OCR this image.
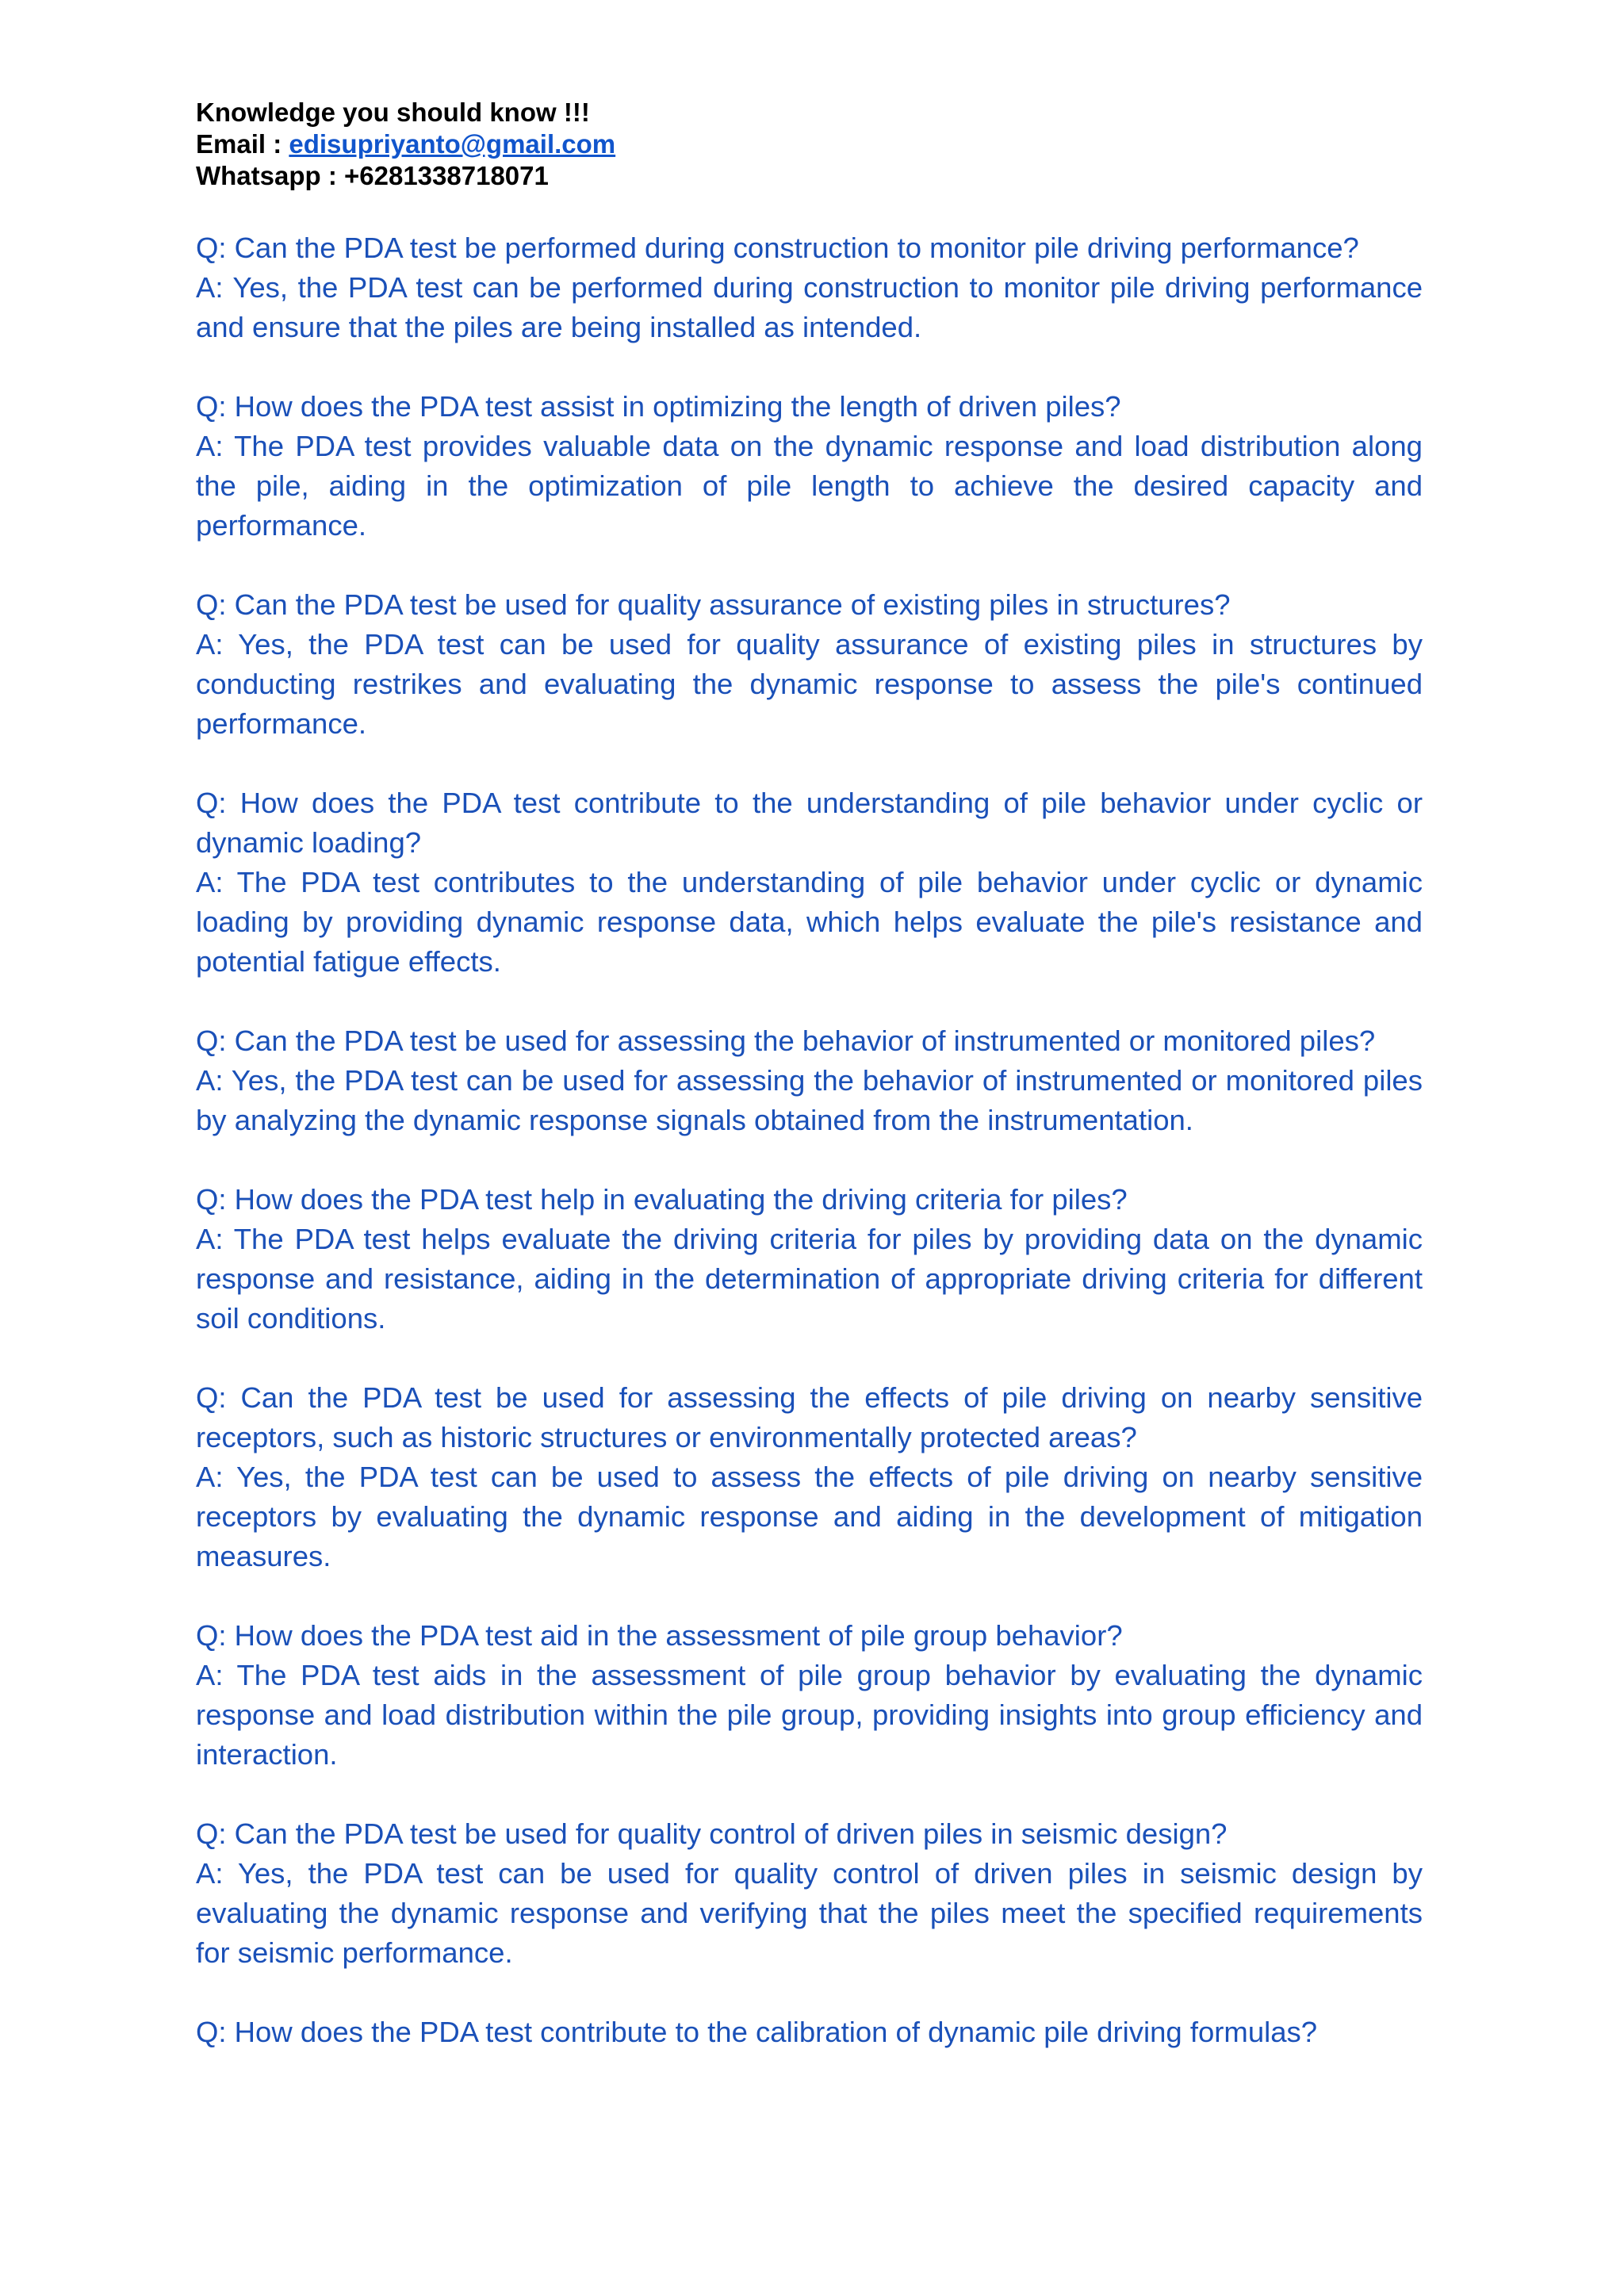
Knowledge you should know !!!

Email : edisupriyanto@gmail.com

Whatsapp : +6281338718071

Q: Can the PDA test be performed during construction to monitor pile driving performance?

A: Yes, the PDA test can be performed during construction to monitor pile driving performance and ensure that the piles are being installed as intended.

Q: How does the PDA test assist in optimizing the length of driven piles?

A: The PDA test provides valuable data on the dynamic response and load distribution along the pile, aiding in the optimization of pile length to achieve the desired capacity and performance.

Q: Can the PDA test be used for quality assurance of existing piles in structures?

A: Yes, the PDA test can be used for quality assurance of existing piles in structures by conducting restrikes and evaluating the dynamic response to assess the pile's continued performance.

Q: How does the PDA test contribute to the understanding of pile behavior under cyclic or dynamic loading?

A: The PDA test contributes to the understanding of pile behavior under cyclic or dynamic loading by providing dynamic response data, which helps evaluate the pile's resistance and potential fatigue effects.

Q: Can the PDA test be used for assessing the behavior of instrumented or monitored piles?

A: Yes, the PDA test can be used for assessing the behavior of instrumented or monitored piles by analyzing the dynamic response signals obtained from the instrumentation.

Q: How does the PDA test help in evaluating the driving criteria for piles?

A: The PDA test helps evaluate the driving criteria for piles by providing data on the dynamic response and resistance, aiding in the determination of appropriate driving criteria for different soil conditions.

Q: Can the PDA test be used for assessing the effects of pile driving on nearby sensitive receptors, such as historic structures or environmentally protected areas?

A: Yes, the PDA test can be used to assess the effects of pile driving on nearby sensitive receptors by evaluating the dynamic response and aiding in the development of mitigation measures.

Q: How does the PDA test aid in the assessment of pile group behavior?

A: The PDA test aids in the assessment of pile group behavior by evaluating the dynamic response and load distribution within the pile group, providing insights into group efficiency and interaction.

Q: Can the PDA test be used for quality control of driven piles in seismic design?

A: Yes, the PDA test can be used for quality control of driven piles in seismic design by evaluating the dynamic response and verifying that the piles meet the specified requirements for seismic performance.

Q: How does the PDA test contribute to the calibration of dynamic pile driving formulas?
